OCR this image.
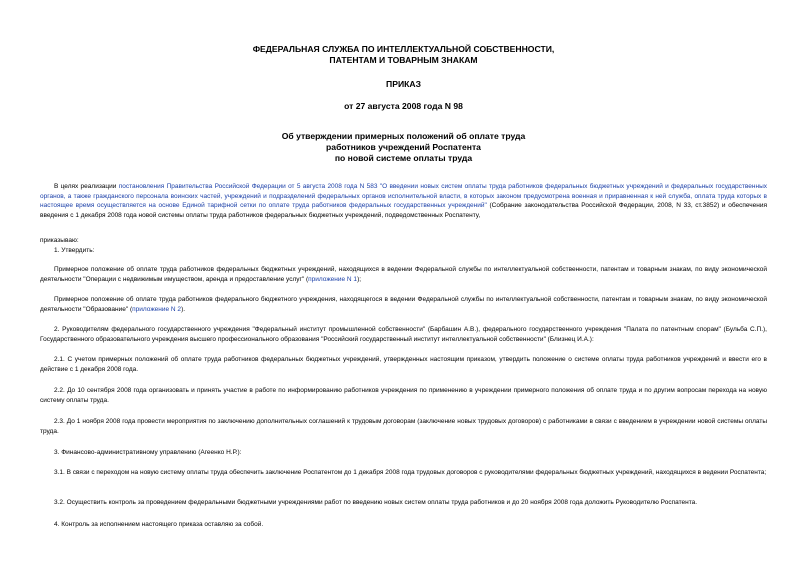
ФЕДЕРАЛЬНАЯ СЛУЖБА ПО ИНТЕЛЛЕКТУАЛЬНОЙ СОБСТВЕННОСТИ,
ПАТЕНТАМ И ТОВАРНЫМ ЗНАКАМ
ПРИКАЗ
от 27 августа 2008 года N 98
Об утверждении примерных положений об оплате труда
работников учреждений Роспатента
по новой системе оплаты труда

В целях реализации постановления Правительства Российской Федерации от 5 августа 2008 года N 583 "О введении новых систем оплаты труда работников федеральных бюджетных учреждений и федеральных государственных органов, а также гражданского персонала воинских частей, учреждений и подразделений федеральных органов исполнительной власти, в которых законом предусмотрена военная и приравненная к ней служба, оплата труда которых в настоящее время осуществляется на основе Единой тарифной сетки по оплате труда работников федеральных государственных учреждений" (Собрание законодательства Российской Федерации, 2008, N 33, ст.3852) и обеспечения введения с 1 декабря 2008 года новой системы оплаты труда работников федеральных бюджетных учреждений, подведомственных Роспатенту,

приказываю:

1. Утвердить:

Примерное положение об оплате труда работников федеральных бюджетных учреждений, находящихся в ведении Федеральной службы по интеллектуальной собственности, патентам и товарным знакам, по виду экономической деятельности "Операции с недвижимым имуществом, аренда и предоставление услуг" (приложение N 1);

Примерное положение об оплате труда работников федерального бюджетного учреждения, находящегося в ведении Федеральной службы по интеллектуальной собственности, патентам и товарным знакам, по виду экономической деятельности "Образование" (приложение N 2).

2. Руководителям федерального государственного учреждения "Федеральный институт промышленной собственности" (Барбашин А.В.), федерального государственного учреждения "Палата по патентным спорам" (Бульба С.П.), Государственного образовательного учреждения высшего профессионального образования "Российский государственный институт интеллектуальной собственности" (Близнец И.А.):

2.1. С учетом примерных положений об оплате труда работников федеральных бюджетных учреждений, утвержденных настоящим приказом, утвердить положение о системе оплаты труда работников учреждений и ввести его в действие с 1 декабря 2008 года.

2.2. До 10 сентября 2008 года организовать и принять участие в работе по информированию работников учреждения по применению в учреждении примерного положения об оплате труда и по другим вопросам перехода на новую систему оплаты труда.

2.3. До 1 ноября 2008 года провести мероприятия по заключению дополнительных соглашений к трудовым договорам (заключение новых трудовых договоров) с работниками в связи с введением в учреждении новой системы оплаты труда.

3. Финансово-административному управлению (Агеенко Н.Р.):

3.1. В связи с переходом на новую систему оплаты труда обеспечить заключение Роспатентом до 1 декабря 2008 года трудовых договоров с руководителями федеральных бюджетных учреждений, находящихся в ведении Роспатента;

3.2. Осуществить контроль за проведением федеральными бюджетными учреждениями работ по введению новых систем оплаты труда работников и до 20 ноября 2008 года доложить Руководителю Роспатента.

4. Контроль за исполнением настоящего приказа оставляю за собой.
